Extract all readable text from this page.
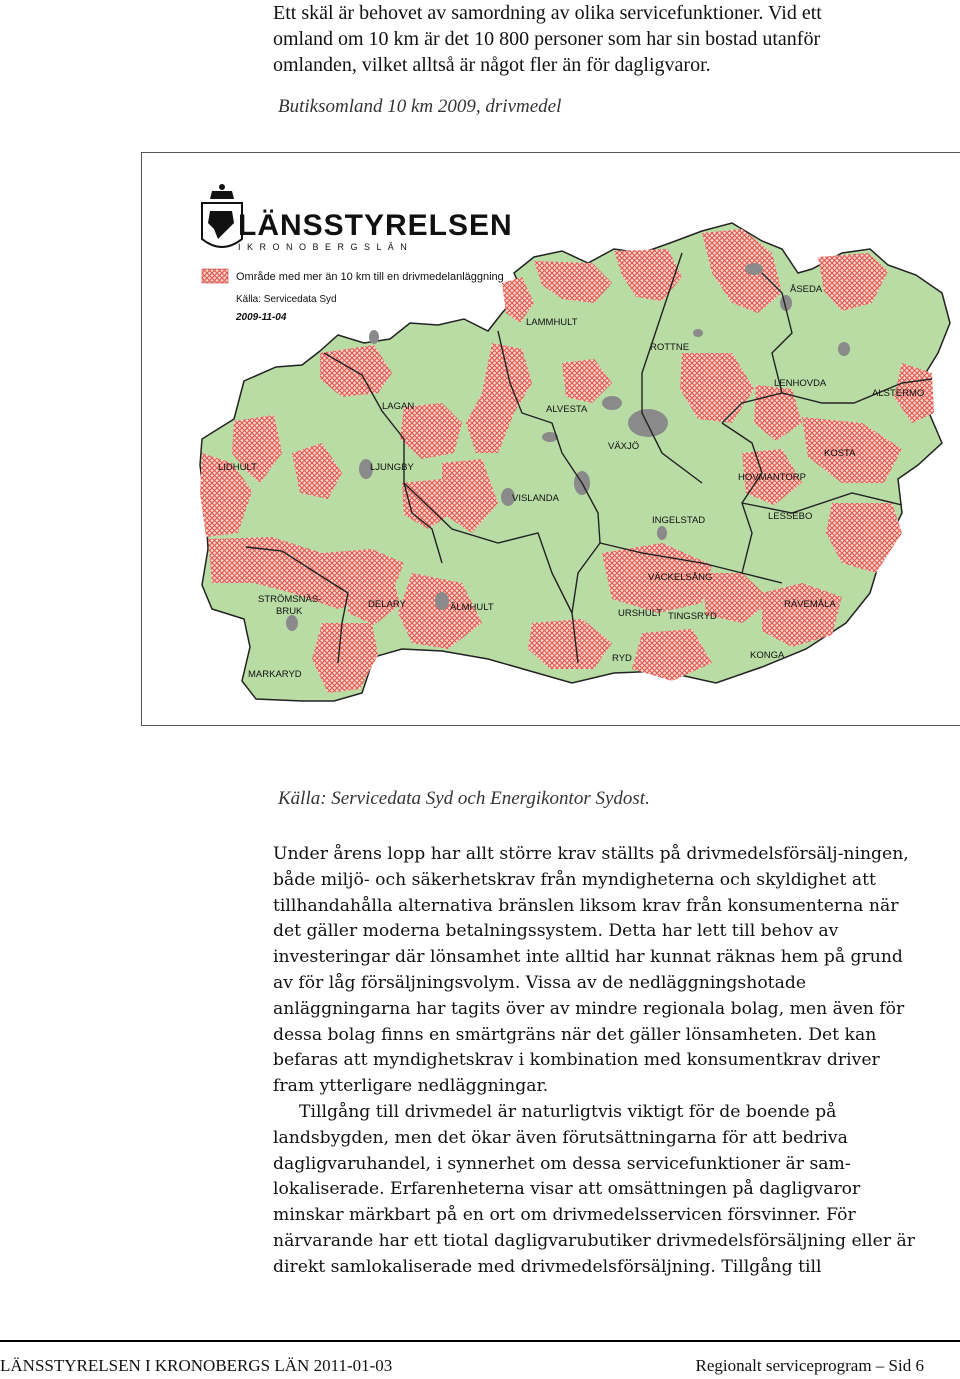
Ett skäl är behovet av samordning av olika servicefunktioner. Vid ett
omland om 10 km är det 10 800 personer som har sin bostad utanför
omlanden, vilket alltså är något fler än för dagligvaror.
Butiksomland 10 km 2009, drivmedel
LÄNSSTYRELSEN
I K R O N O B E R G S L Ä N
Område med mer än 10 km till en drivmedelanläggning
Källa: Servicedata Syd
2009-11-04	LAMMHULT
ÅSEDA
ROTTNE
LENHOVDA
ALSTERMO
LAGAN	ALVESTA
VÄXJÖ
KOSTA
LIDHULT	LJUNGBY
HOVMANTORP
VISLANDA
INGELSTAD	LESSEBO
STRÖMSNÄS-
BRUK
DELARY	ÄLMHULT
VÄCKELSÅNG
RÄVEMÅLA
URSHULT TINGSRYD
MARKARYD
RYD	KONGA
Källa: Servicedata Syd och Energikontor Sydost.

Under årens lopp har allt större krav ställts på drivmedelsförsälj-ningen, både miljö- och säkerhetskrav från myndigheterna och skyldighet att tillhandahålla alternativa bränslen liksom krav från konsumenterna när det gäller moderna betalningssystem. Detta har lett till behov av investeringar där lönsamhet inte alltid har kunnat räknas hem på grund av för låg försäljningsvolym. Vissa av de nedläggningshotade anläggningarna har tagits över av mindre regionala bolag, men även för dessa bolag finns en smärtgräns när det gäller lönsamheten. Det kan befaras att myndighetskrav i kombination med konsumentkrav driver fram ytterligare nedläggningar.

Tillgång till drivmedel är naturligtvis viktigt för de boende på landsbygden, men det ökar även förutsättningarna för att bedriva dagligvaruhandel, i synnerhet om dessa servicefunktioner är sam-lokaliserade. Erfarenheterna visar att omsättningen på dagligvaror minskar märkbart på en ort om drivmedelsservicen försvinner. För närvarande har ett tiotal dagligvarubutiker drivmedelsförsäljning eller är direkt samlokaliserade med drivmedelsförsäljning. Tillgång till

LÄNSSTYRELSEN I KRONOBERGS LÄN 2011-01-03	Regionalt serviceprogram – Sid 6
